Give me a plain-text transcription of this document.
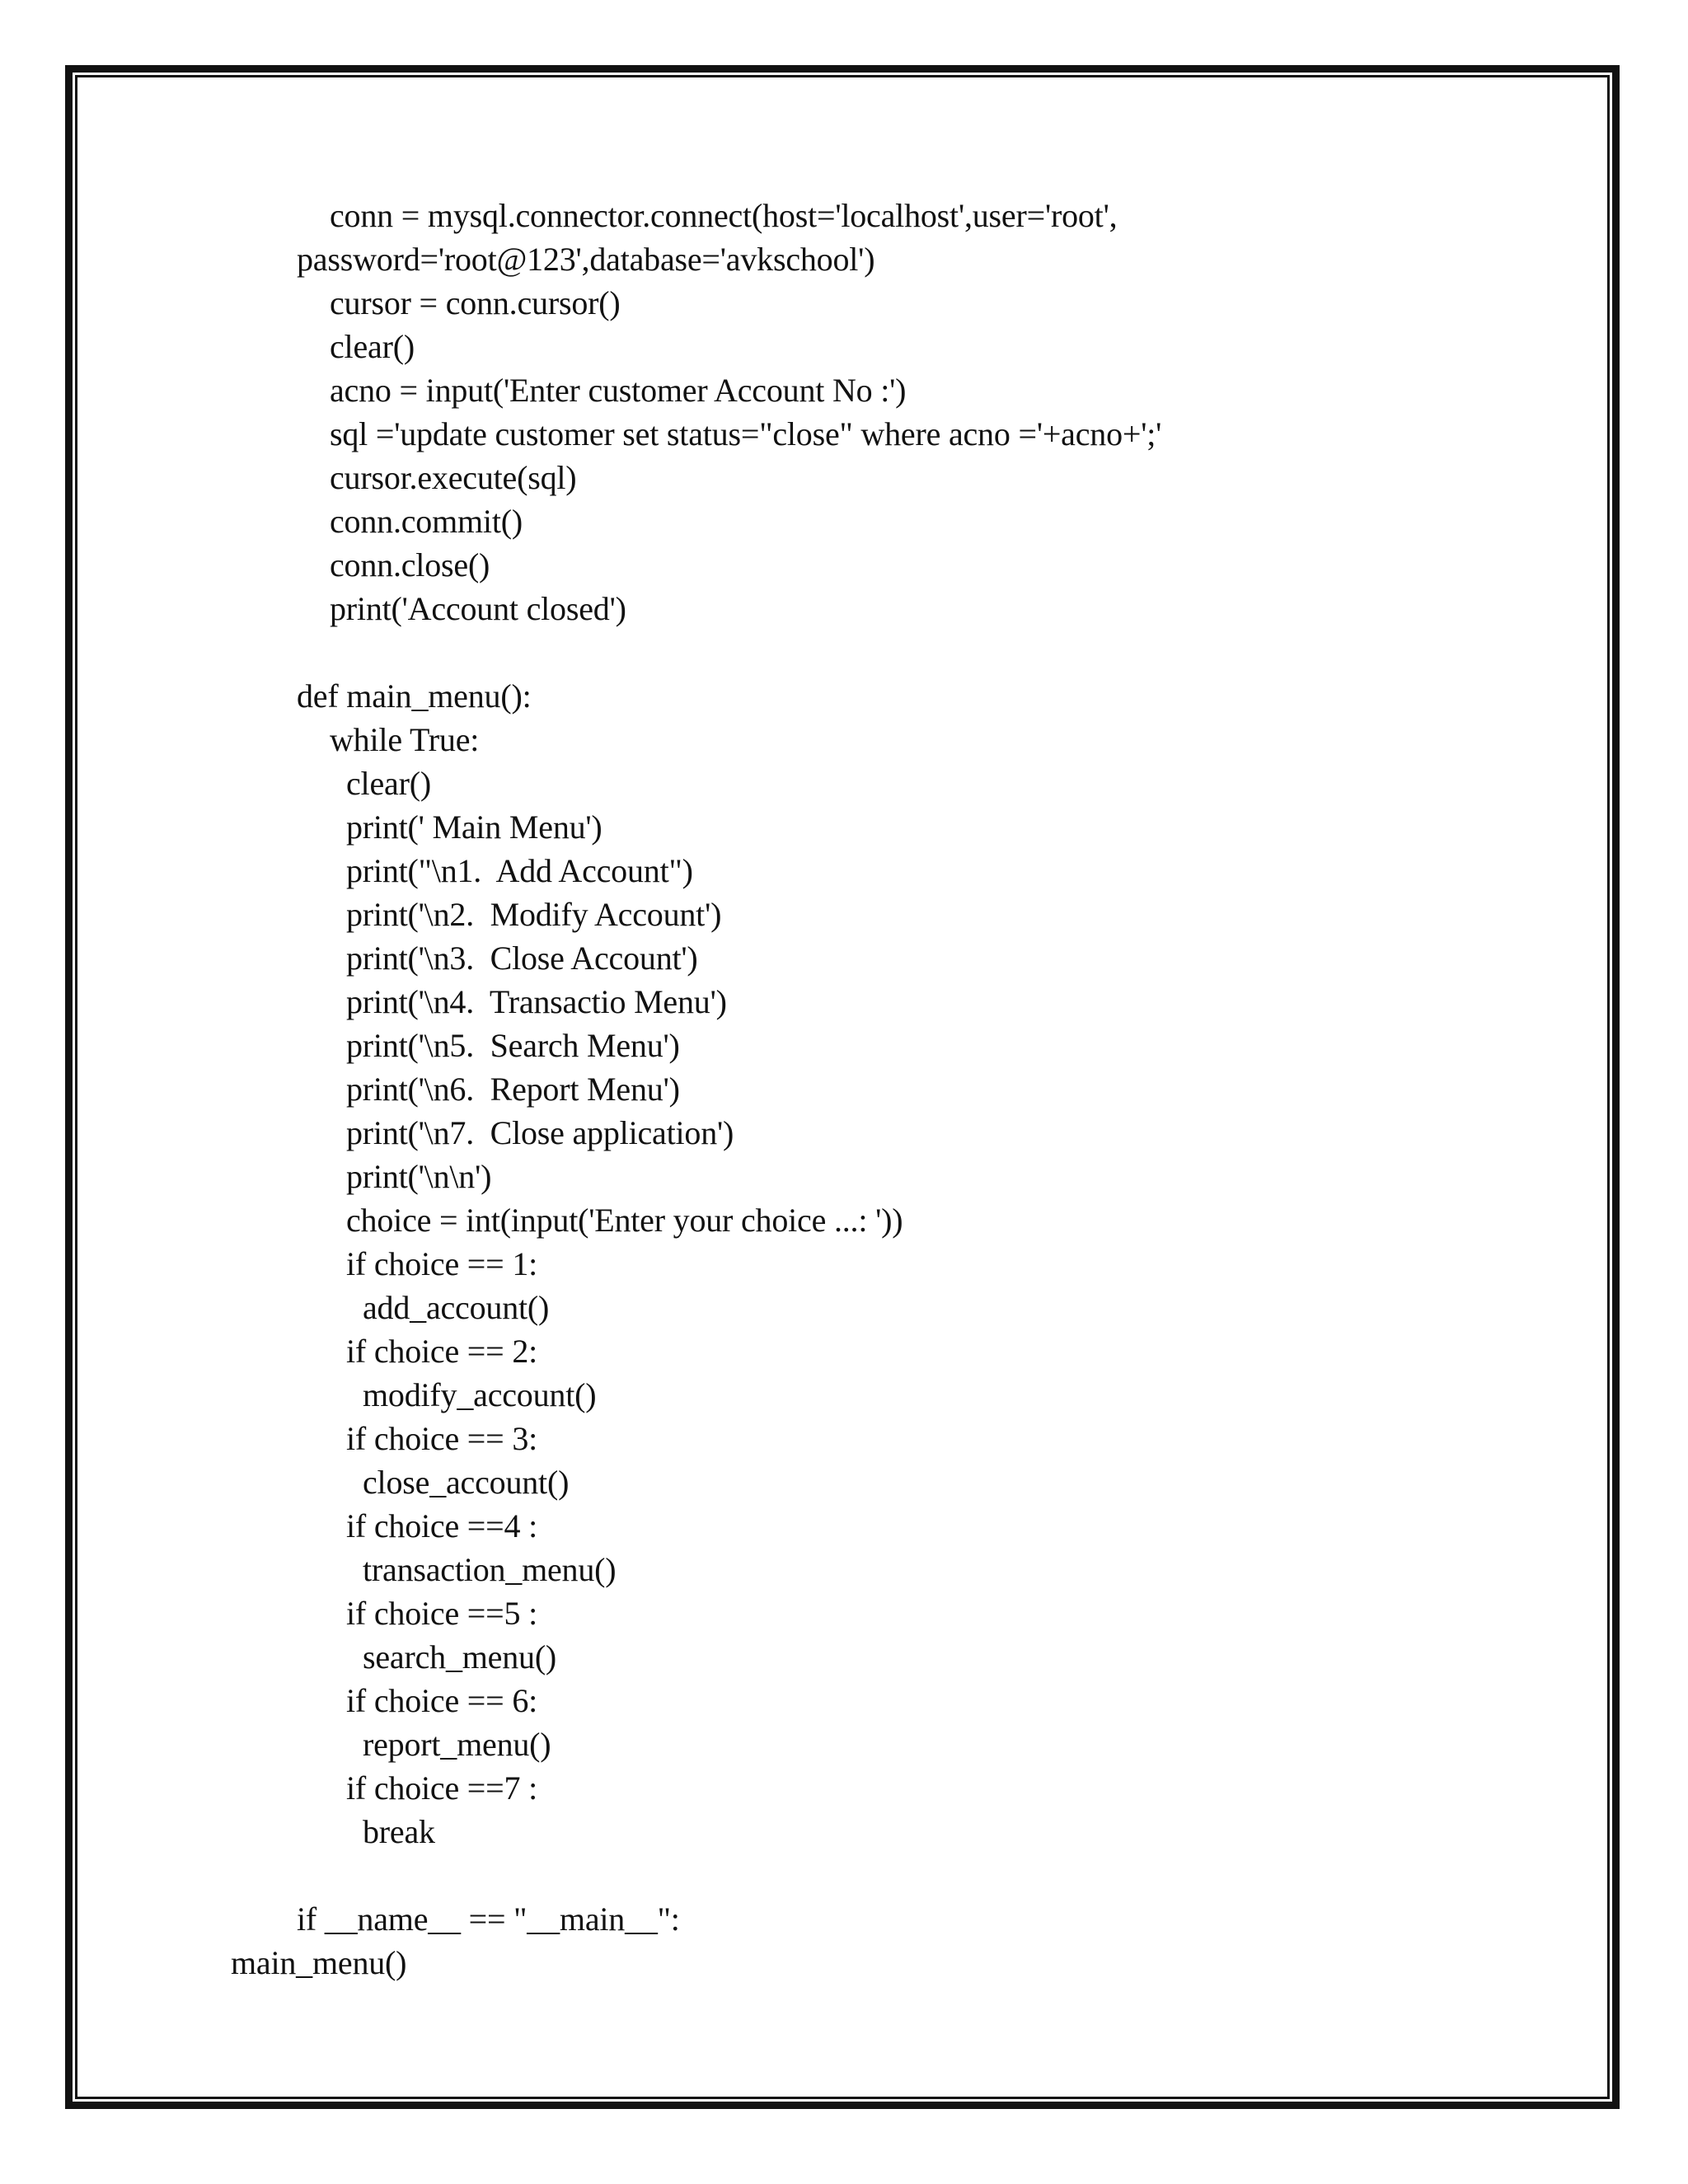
conn = mysql.connector.connect(host='localhost',user='root',
password='root@123',database='avkschool')
cursor = conn.cursor()
clear()
acno = input('Enter customer Account No :')
sql ='update customer set status="close" where acno ='+acno+';'
cursor.execute(sql)
conn.commit()
conn.close()
print('Account closed')
def main_menu():
while True:
clear()
print(' Main Menu')
print("\n1.  Add Account")
print('\n2.  Modify Account')
print('\n3.  Close Account')
print('\n4.  Transactio Menu')
print('\n5.  Search Menu')
print('\n6.  Report Menu')
print('\n7.  Close application')
print('\n\n')
choice = int(input('Enter your choice ...: '))
if choice == 1:
add_account()
if choice == 2:
modify_account()
if choice == 3:
close_account()
if choice ==4 :
transaction_menu()
if choice ==5 :
search_menu()
if choice == 6:
report_menu()
if choice ==7 :
break
if __name__ == "__main__":
main_menu()
